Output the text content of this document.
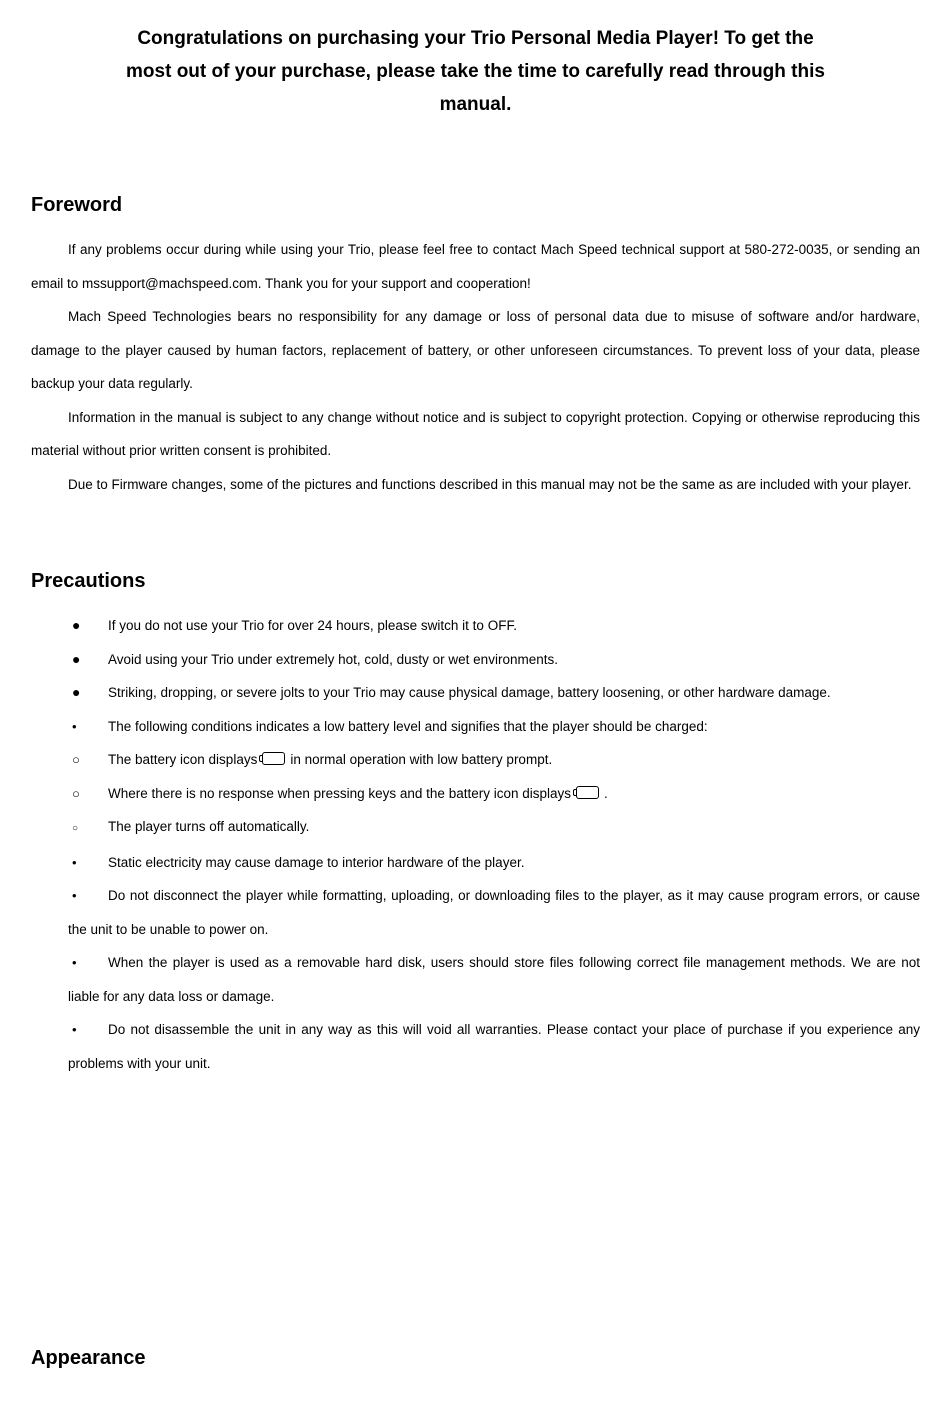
Congratulations on purchasing your Trio Personal Media Player! To get the most out of your purchase, please take the time to carefully read through this manual.
Foreword

If any problems occur during while using your Trio, please feel free to contact Mach Speed technical support at 580-272-0035, or sending an email to mssupport@machspeed.com. Thank you for your support and cooperation!

Mach Speed Technologies bears no responsibility for any damage or loss of personal data due to misuse of software and/or hardware, damage to the player caused by human factors, replacement of battery, or other unforeseen circumstances. To prevent loss of your data, please backup your data regularly.

Information in the manual is subject to any change without notice and is subject to copyright protection. Copying or otherwise reproducing this material without prior written consent is prohibited.

Due to Firmware changes, some of the pictures and functions described in this manual may not be the same as are included with your player.

Precautions
● If you do not use your Trio for over 24 hours, please switch it to OFF.
● Avoid using your Trio under extremely hot, cold, dusty or wet environments.
● Striking, dropping, or severe jolts to your Trio may cause physical damage, battery loosening, or other hardware damage.
• The following conditions indicates a low battery level and signifies that the player should be charged:
○ The battery icon displays in normal operation with low battery prompt.
○ Where there is no response when pressing keys and the battery icon displays .
○ The player turns off automatically.
• Static electricity may cause damage to interior hardware of the player.
• Do not disconnect the player while formatting, uploading, or downloading files to the player, as it may cause program errors, or cause the unit to be unable to power on.
• When the player is used as a removable hard disk, users should store files following correct file management methods. We are not liable for any data loss or damage.
• Do not disassemble the unit in any way as this will void all warranties. Please contact your place of purchase if you experience any problems with your unit.
Appearance
